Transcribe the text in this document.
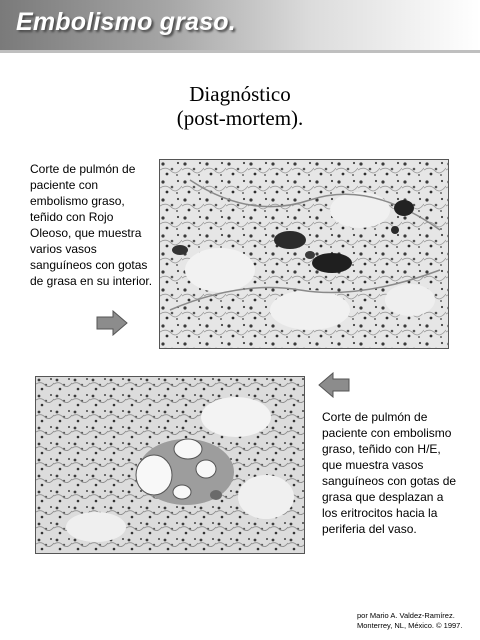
Embolismo graso.
Diagnóstico
(post-mortem).
Corte de pulmón de paciente con embolismo graso, teñido con Rojo Oleoso, que muestra varios vasos sanguíneos con gotas de grasa en su interior.
Corte de pulmón de paciente con embolismo graso, teñido con H/E, que muestra vasos sanguíneos con gotas de grasa que desplazan a los eritrocitos hacia la periferia del vaso.
por Mario A. Valdez-Ramírez.
Monterrey, NL, México. © 1997.
